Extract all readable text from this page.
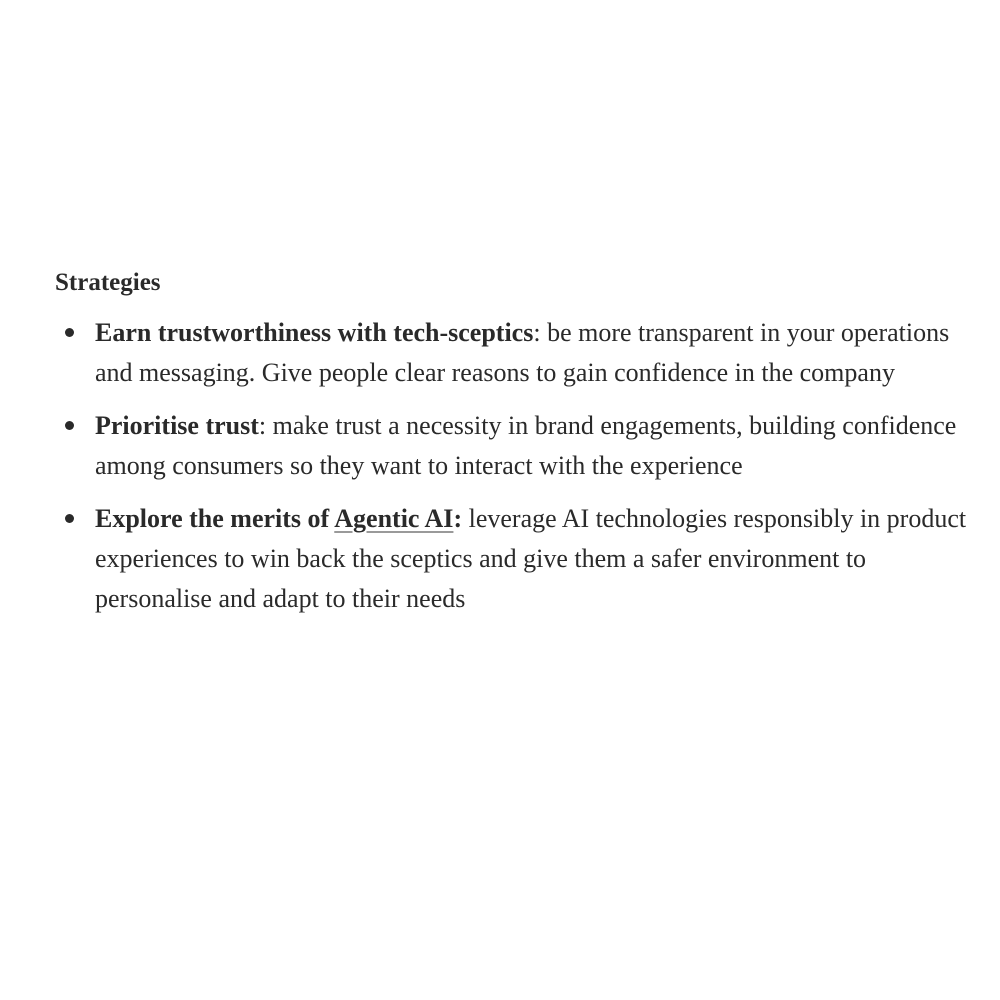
Strategies
Earn trustworthiness with tech-sceptics: be more transparent in your operations and messaging. Give people clear reasons to gain confidence in the company
Prioritise trust: make trust a necessity in brand engagements, building confidence among consumers so they want to interact with the experience
Explore the merits of Agentic AI: leverage AI technologies responsibly in product experiences to win back the sceptics and give them a safer environment to personalise and adapt to their needs
